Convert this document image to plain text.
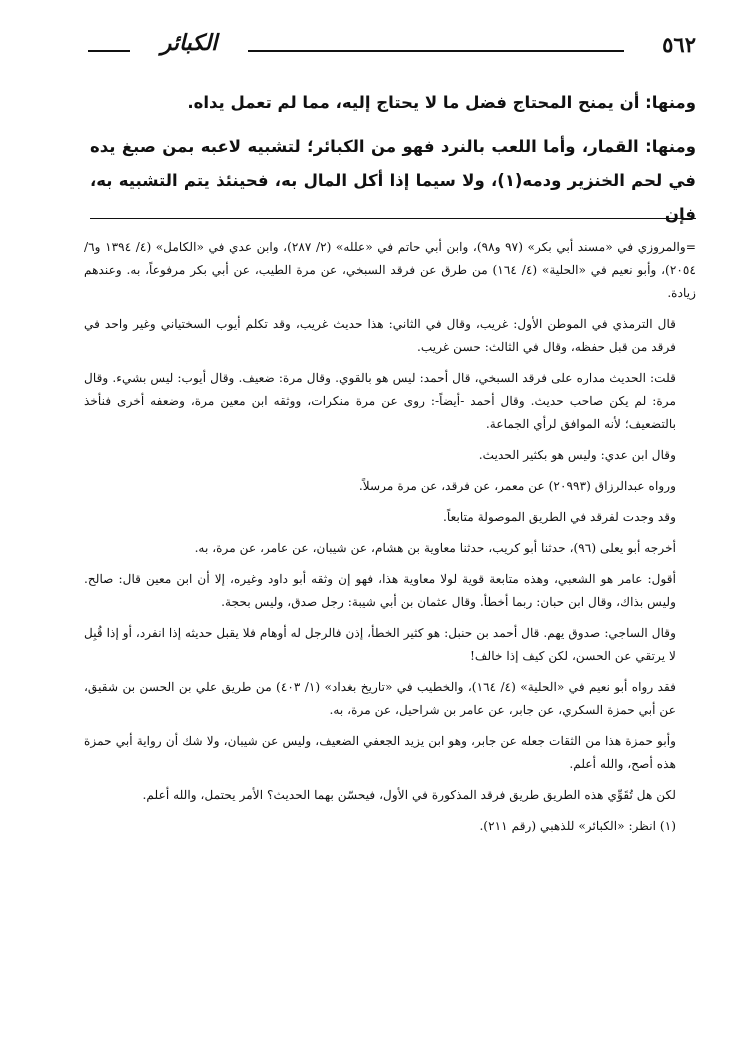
٥٦٢
الكبائر

ومنها: أن يمنح المحتاج فضل ما لا يحتاج إليه، مما لم تعمل يداه.

ومنها: القمار، وأما اللعب بالنرد فهو من الكبائر؛ لتشبيه لاعبه بمن صبغ يده في لحم الخنزير ودمه(١)، ولا سيما إذا أكل المال به، فحينئذ يتم التشبيه به، فإن

=والمروزي في «مسند أبي بكر» (٩٧ و٩٨)، وابن أبي حاتم في «علله» (٢/ ٢٨٧)، وابن عدي في «الكامل» (٤/ ١٣٩٤ و٦/ ٢٠٥٤)، وأبو نعيم في «الحلية» (٤/ ١٦٤) من طرق عن فرقد السبخي، عن مرة الطيب، عن أبي بكر مرفوعاً، به. وعندهم زيادة.

قال الترمذي في الموطن الأول: غريب، وقال في الثاني: هذا حديث غريب، وقد تكلم أيوب السختياني وغير واحد في فرقد من قبل حفظه، وقال في الثالث: حسن غريب.

قلت: الحديث مداره على فرقد السبخي، قال أحمد: ليس هو بالقوي. وقال مرة: ضعيف. وقال أيوب: ليس بشيء. وقال مرة: لم يكن صاحب حديث. وقال أحمد -أيضاً-: روى عن مرة منكرات، ووثقه ابن معين مرة، وضعفه أخرى فنأخذ بالتضعيف؛ لأنه الموافق لرأي الجماعة.

وقال ابن عدي: وليس هو بكثير الحديث.

ورواه عبدالرزاق (٢٠٩٩٣) عن معمر، عن فرقد، عن مرة مرسلاً.

وقد وجدت لفرقد في الطريق الموصولة متابعاً.

أخرجه أبو يعلى (٩٦)، حدثنا أبو كريب، حدثنا معاوية بن هشام، عن شيبان، عن عامر، عن مرة، به.

أقول: عامر هو الشعبي، وهذه متابعة قوية لولا معاوية هذا، فهو إن وثقه أبو داود وغيره، إلا أن ابن معين قال: صالح. وليس بذاك، وقال ابن حبان: ربما أخطأ. وقال عثمان بن أبي شيبة: رجل صدق، وليس بحجة.

وقال الساجي: صدوق يهم. قال أحمد بن حنبل: هو كثير الخطأ، إذن فالرجل له أوهام فلا يقبل حديثه إذا انفرد، أو إذا قُبِل لا يرتقي عن الحسن، لكن كيف إذا خالف!

فقد رواه أبو نعيم في «الحلية» (٤/ ١٦٤)، والخطيب في «تاريخ بغداد» (١/ ٤٠٣) من طريق علي بن الحسن بن شقيق، عن أبي حمزة السكري، عن جابر، عن عامر بن شراحيل، عن مرة، به.

وأبو حمزة هذا من الثقات جعله عن جابر، وهو ابن يزيد الجعفي الضعيف، وليس عن شيبان، ولا شك أن رواية أبي حمزة هذه أصح، والله أعلم.

لكن هل تُقَوِّي هذه الطريق طريق فرقد المذكورة في الأول، فيحسّن بهما الحديث؟ الأمر يحتمل، والله أعلم.

(١) انظر: «الكبائر» للذهبي (رقم ٢١١).
